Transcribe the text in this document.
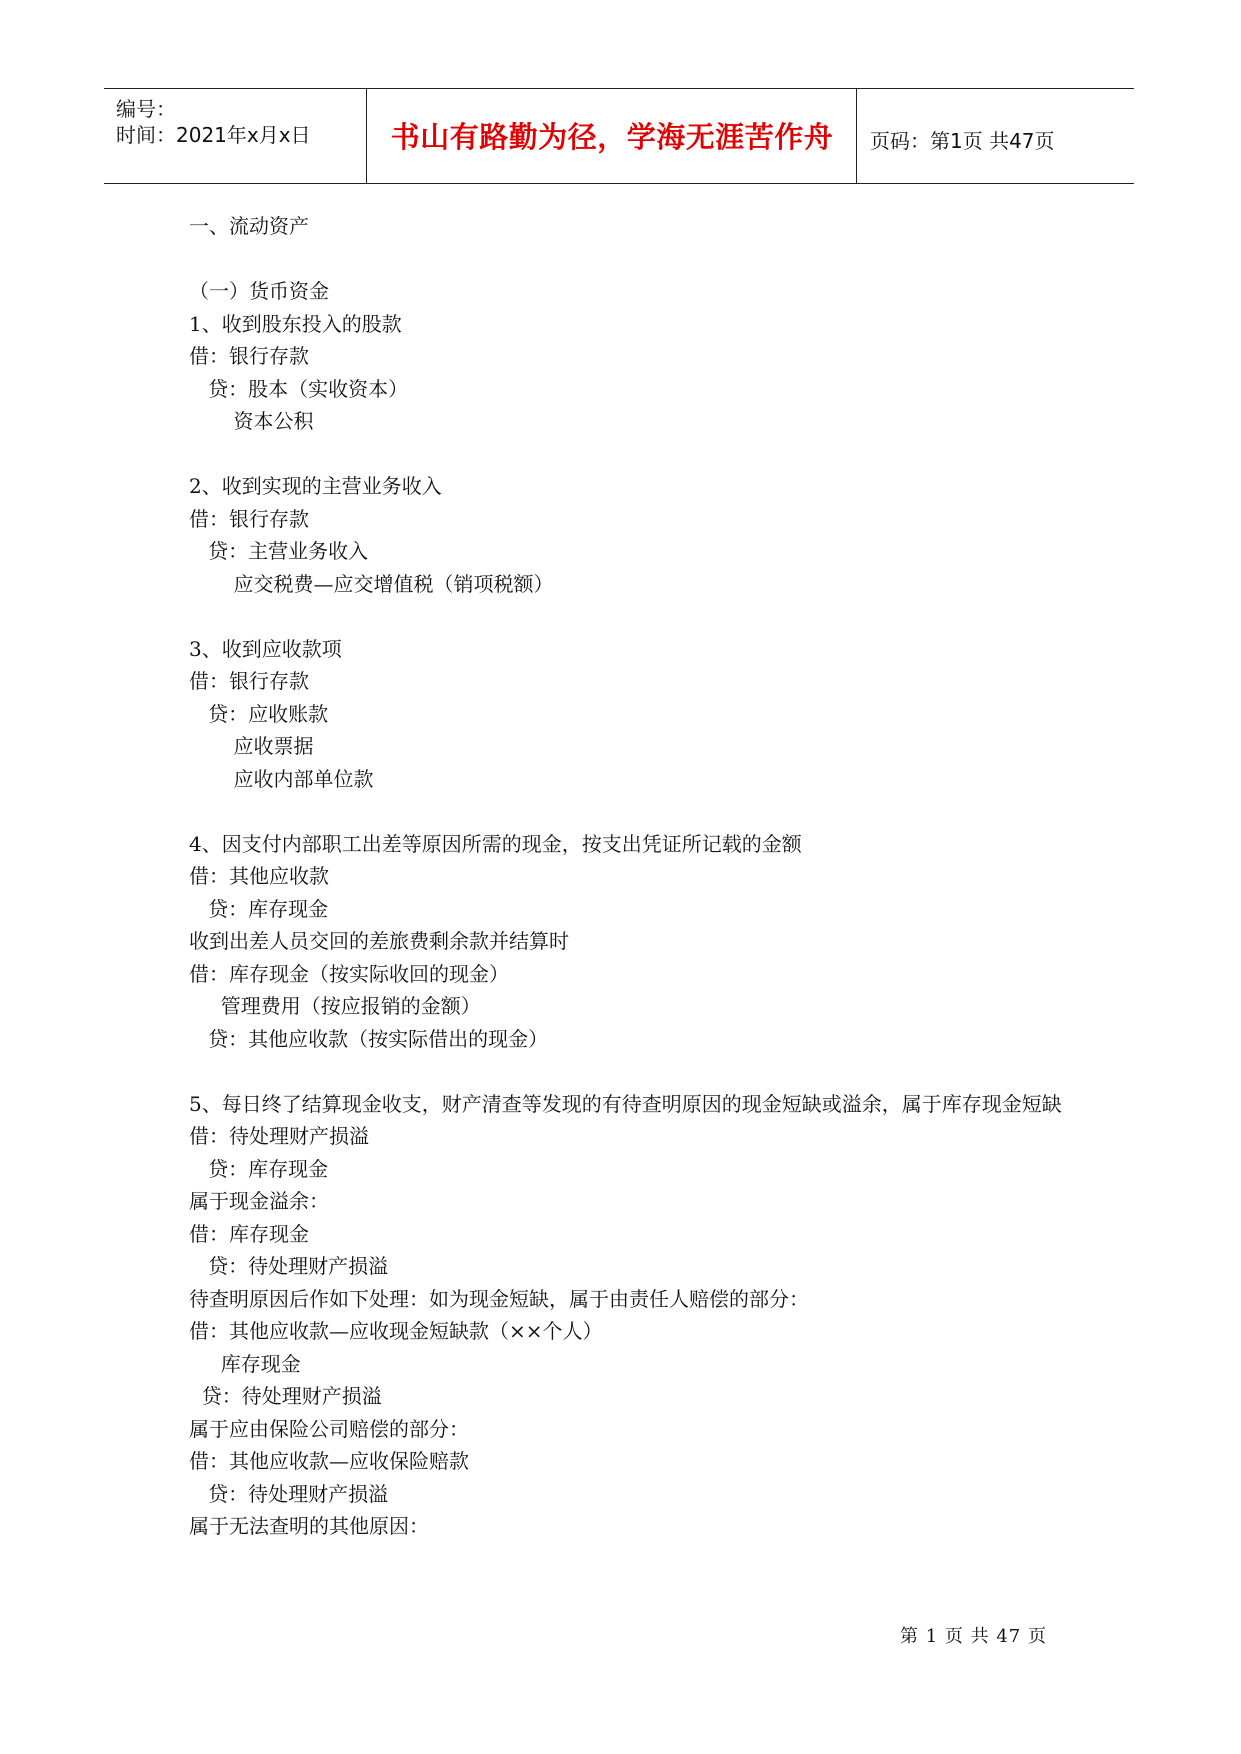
编号：
时间：2021年x月x日	书山有路勤为径，学海无涯苦作舟	页码：第1页 共47页
一、流动资产
（一）货币资金
1、收到股东投入的股款
借：银行存款
贷：股本（实收资本）
资本公积
2、收到实现的主营业务收入
借：银行存款
贷：主营业务收入
应交税费—应交增值税（销项税额）
3、收到应收款项
借：银行存款
贷：应收账款
应收票据
应收内部单位款
4、因支付内部职工出差等原因所需的现金，按支出凭证所记载的金额
借：其他应收款
贷：库存现金
收到出差人员交回的差旅费剩余款并结算时
借：库存现金（按实际收回的现金）
管理费用（按应报销的金额）
贷：其他应收款（按实际借出的现金）
5、每日终了结算现金收支，财产清查等发现的有待查明原因的现金短缺或溢余，属于库存现金短缺
借：待处理财产损溢
贷：库存现金
属于现金溢余：
借：库存现金
贷：待处理财产损溢
待查明原因后作如下处理：如为现金短缺，属于由责任人赔偿的部分：
借：其他应收款—应收现金短缺款（××个人）
库存现金
贷：待处理财产损溢
属于应由保险公司赔偿的部分：
借：其他应收款—应收保险赔款
贷：待处理财产损溢
属于无法查明的其他原因：
第 1 页 共 47 页
